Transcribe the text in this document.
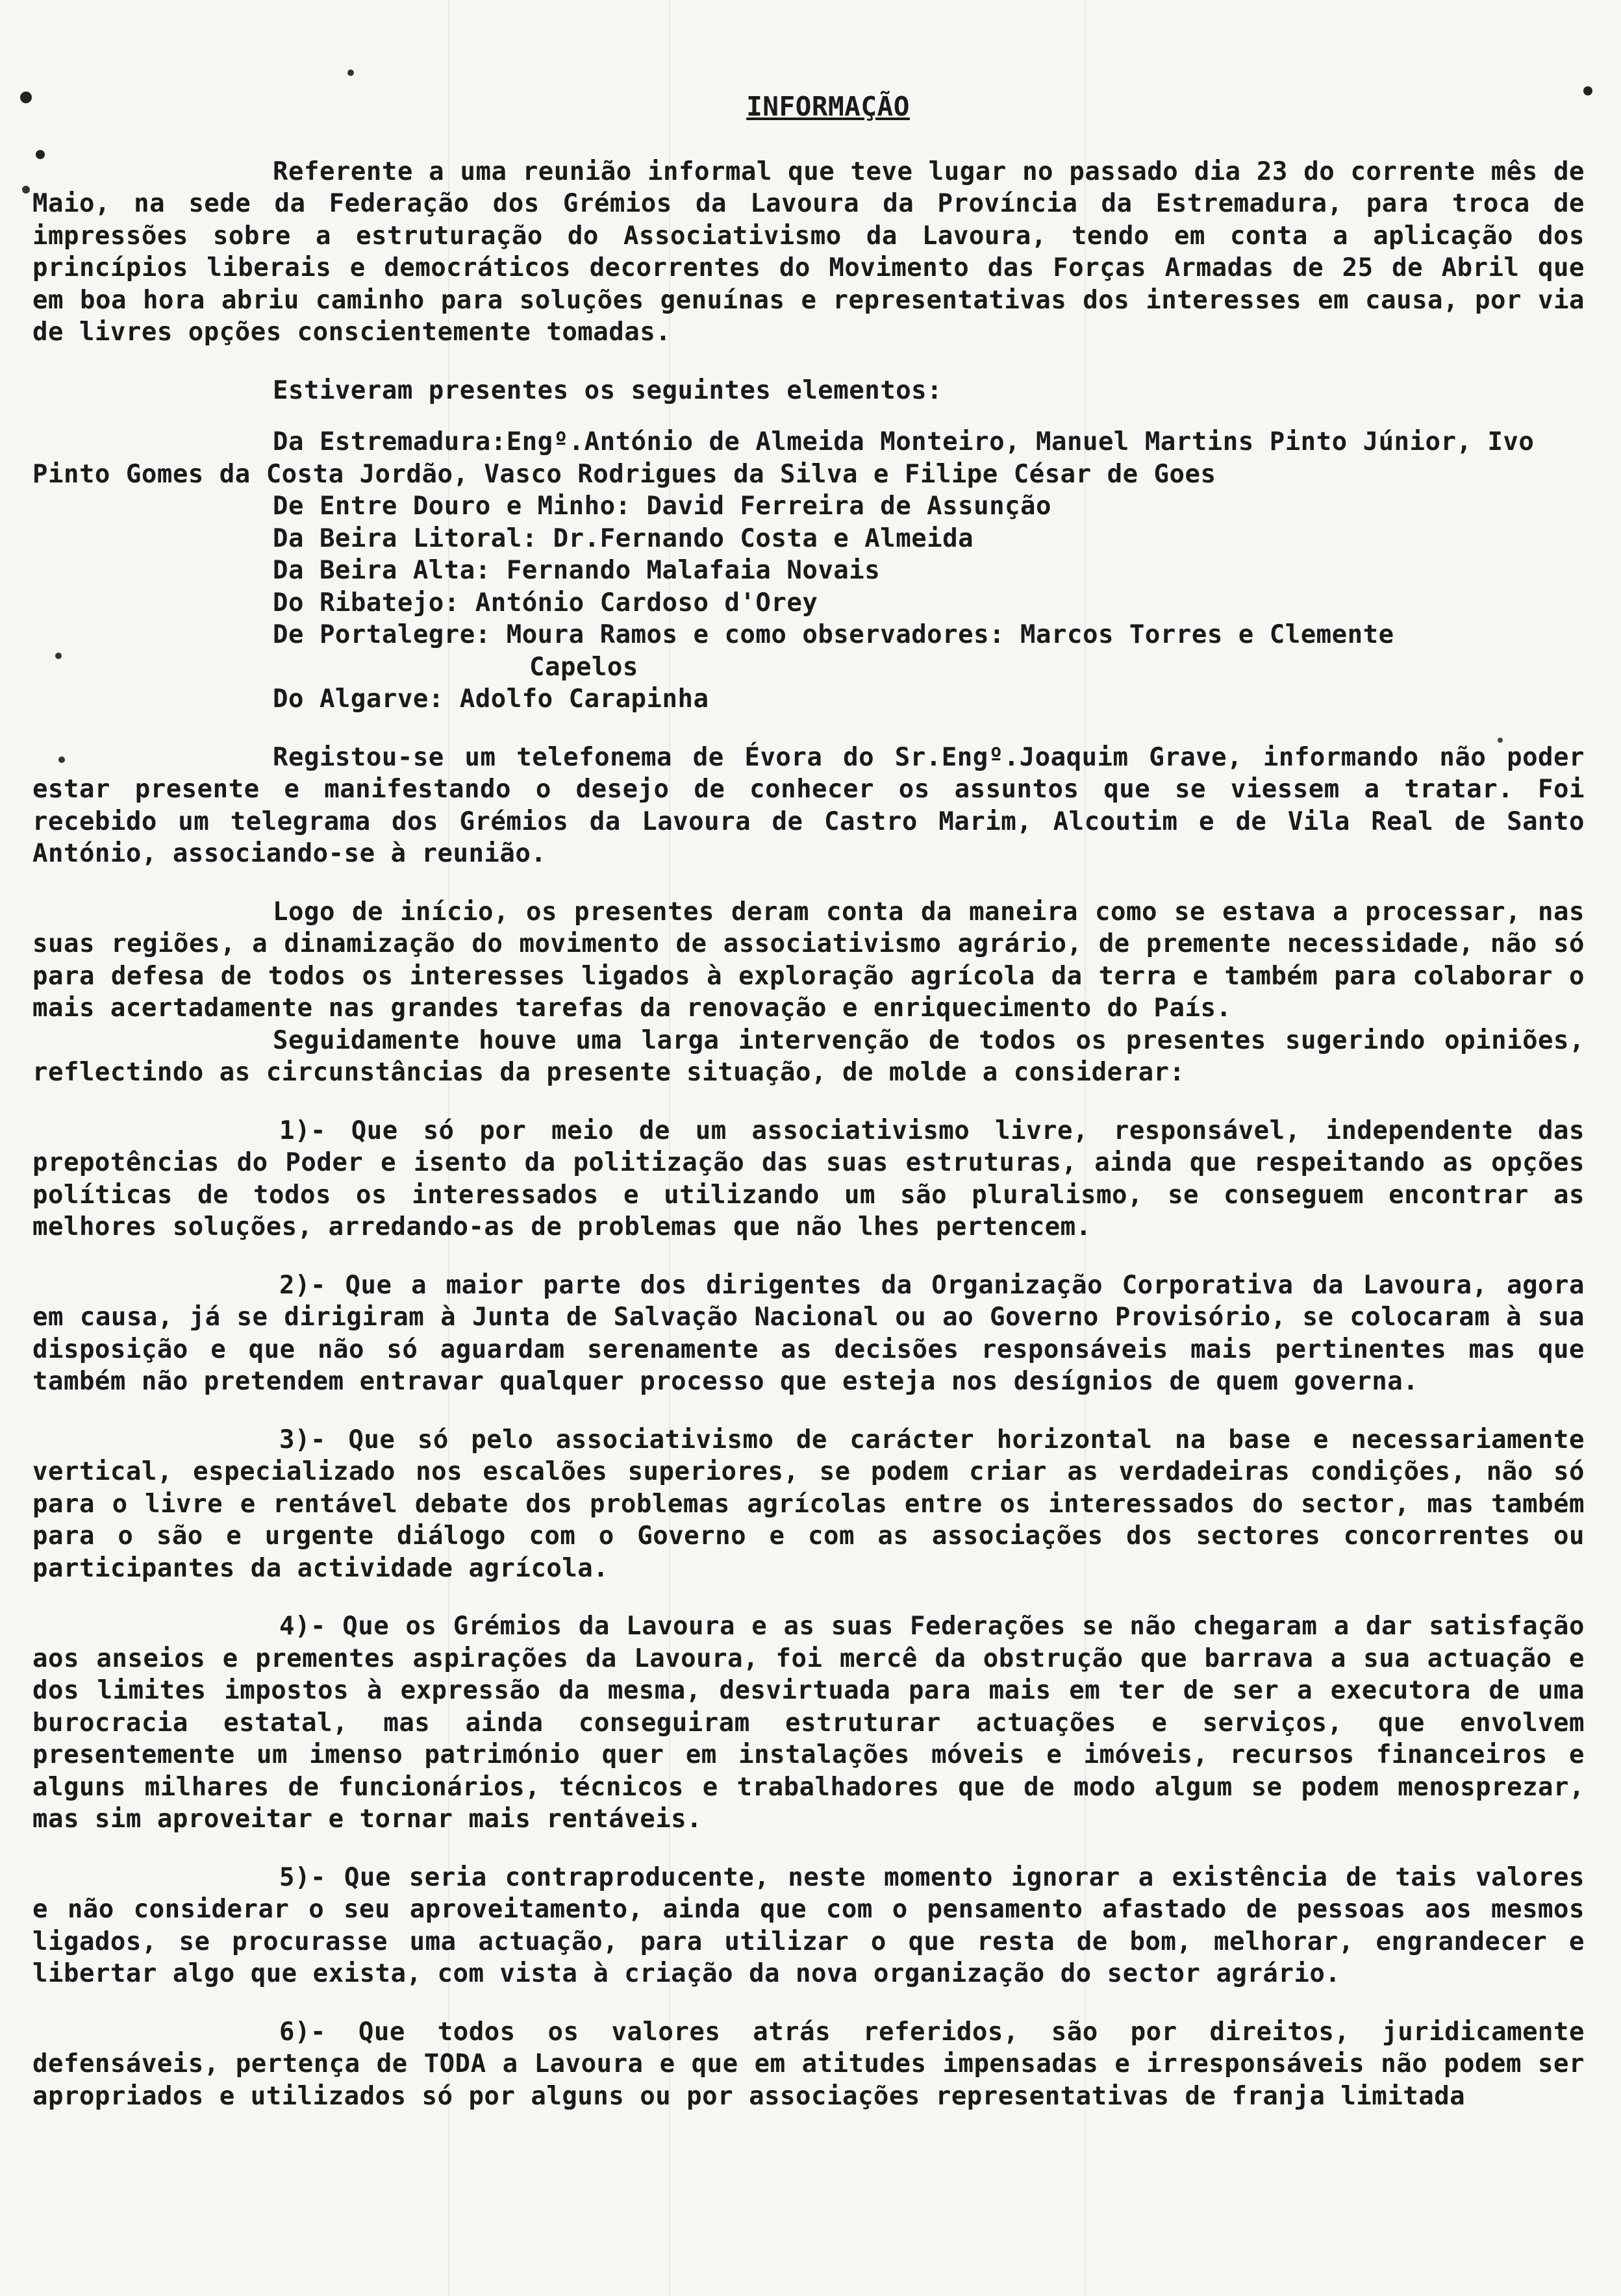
INFORMAÇÃO

Referente a uma reunião informal que teve lugar no passado dia 23 do corrente mês de Maio, na sede da Federação dos Grémios da Lavoura da Província da Estremadura, para troca de impressões sobre a estruturação do Associativismo da Lavoura, tendo em conta a aplicação dos princípios liberais e democráticos decorrentes do Movimento das Forças Armadas de 25 de Abril que em boa hora abriu caminho para soluções genuínas e representativas dos interesses em causa, por via de livres opções conscientemente tomadas.

Estiveram presentes os seguintes elementos:

Da Estremadura:Engº.António de Almeida Monteiro, Manuel Martins Pinto Júnior, Ivo Pinto Gomes da Costa Jordão, Vasco Rodrigues da Silva e Filipe César de Goes
De Entre Douro e Minho: David Ferreira de Assunção
Da Beira Litoral: Dr.Fernando Costa e Almeida
Da Beira Alta: Fernando Malafaia Novais
Do Ribatejo: António Cardoso d'Orey
De Portalegre: Moura Ramos e como observadores: Marcos Torres e Clemente
Capelos
Do Algarve: Adolfo Carapinha

Registou-se um telefonema de Évora do Sr.Engº.Joaquim Grave, informando não poder estar presente e manifestando o desejo de conhecer os assuntos que se viessem a tratar. Foi recebido um telegrama dos Grémios da Lavoura de Castro Marim, Alcoutim e de Vila Real de Santo António, associando-se à reunião.

Logo de início, os presentes deram conta da maneira como se estava a processar, nas suas regiões, a dinamização do movimento de associativismo agrário, de premente necessidade, não só para defesa de todos os interesses ligados à exploração agrícola da terra e também para colaborar o mais acertadamente nas grandes tarefas da renovação e enriquecimento do País.

Seguidamente houve uma larga intervenção de todos os presentes sugerindo opiniões, reflectindo as circunstâncias da presente situação, de molde a considerar:

1)- Que só por meio de um associativismo livre, responsável, independente das prepotências do Poder e isento da politização das suas estruturas, ainda que respeitando as opções políticas de todos os interessados e utilizando um são pluralismo, se conseguem encontrar as melhores soluções, arredando-as de problemas que não lhes pertencem.

2)- Que a maior parte dos dirigentes da Organização Corporativa da Lavoura, agora em causa, já se dirigiram à Junta de Salvação Nacional ou ao Governo Provisório, se colocaram à sua disposição e que não só aguardam serenamente as decisões responsáveis mais pertinentes mas que também não pretendem entravar qualquer processo que esteja nos desígnios de quem governa.

3)- Que só pelo associativismo de carácter horizontal na base e necessariamente vertical, especializado nos escalões superiores, se podem criar as verdadeiras condições, não só para o livre e rentável debate dos problemas agrícolas entre os interessados do sector, mas também para o são e urgente diálogo com o Governo e com as associações dos sectores concorrentes ou participantes da actividade agrícola.

4)- Que os Grémios da Lavoura e as suas Federações se não chegaram a dar satisfação aos anseios e prementes aspirações da Lavoura, foi mercê da obstrução que barrava a sua actuação e dos limites impostos à expressão da mesma, desvirtuada para mais em ter de ser a executora de uma burocracia estatal, mas ainda conseguiram estruturar actuações e serviços, que envolvem presentemente um imenso património quer em instalações móveis e imóveis, recursos financeiros e alguns milhares de funcionários, técnicos e trabalhadores que de modo algum se podem menosprezar, mas sim aproveitar e tornar mais rentáveis.

5)- Que seria contraproducente, neste momento ignorar a existência de tais valores e não considerar o seu aproveitamento, ainda que com o pensamento afastado de pessoas aos mesmos ligados, se procurasse uma actuação, para utilizar o que resta de bom, melhorar, engrandecer e libertar algo que exista, com vista à criação da nova organização do sector agrário.

6)- Que todos os valores atrás referidos, são por direitos, juridicamente defensáveis, pertença de TODA a Lavoura e que em atitudes impensadas e irresponsáveis não podem ser apropriados e utilizados só por alguns ou por associações representativas de franja limitada
